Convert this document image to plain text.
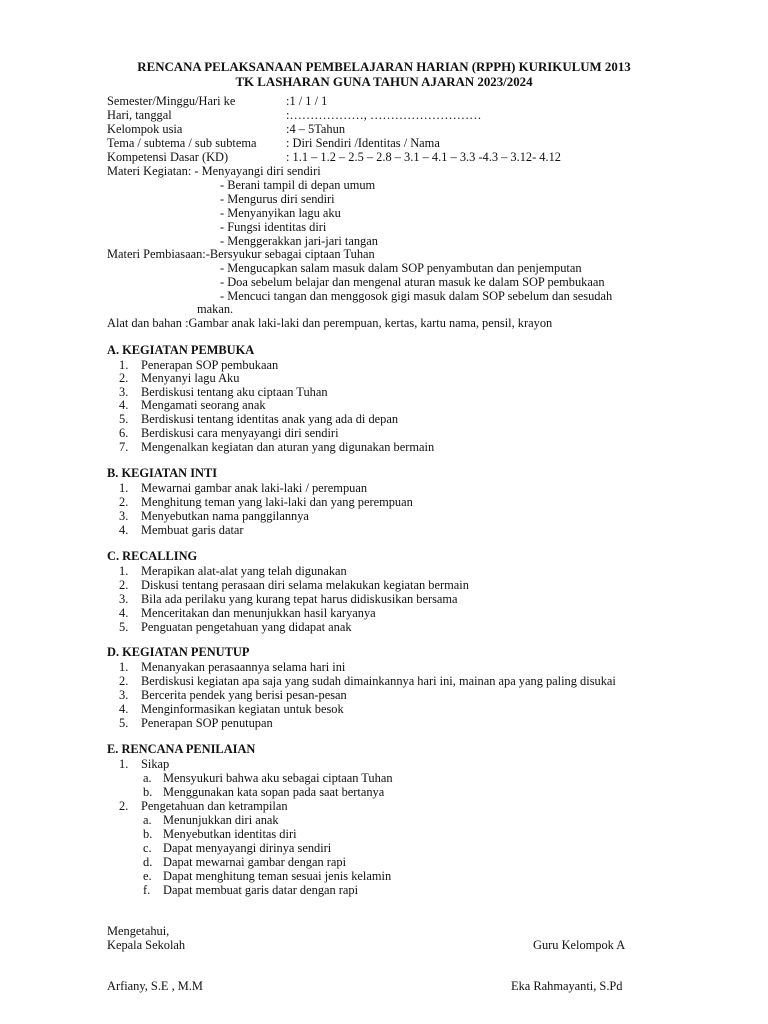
RENCANA PELAKSANAAN PEMBELAJARAN HARIAN (RPPH) KURIKULUM 2013
TK LASHARAN GUNA TAHUN AJARAN 2023/2024
Semester/Minggu/Hari ke	:1 / 1 / 1
Hari, tanggal	:………………, ………………………
Kelompok usia	:4 – 5Tahun
Tema / subtema / sub subtema : Diri Sendiri /Identitas / Nama
Kompetensi Dasar (KD)	: 1.1 – 1.2 – 2.5 – 2.8 – 3.1 – 4.1 – 3.3 -4.3 – 3.12- 4.12
Materi Kegiatan: - Menyayangi diri sendiri
- Berani tampil di depan umum
- Mengurus diri sendiri
- Menyanyikan lagu aku
- Fungsi identitas diri
- Menggerakkan jari-jari tangan
Materi Pembiasaan:-Bersyukur sebagai ciptaan Tuhan
- Mengucapkan salam masuk dalam SOP penyambutan dan penjemputan
- Doa sebelum belajar dan mengenal aturan masuk ke dalam SOP pembukaan
- Mencuci tangan dan menggosok gigi masuk dalam SOP sebelum dan sesudah
makan.
Alat dan bahan :Gambar anak laki-laki dan perempuan, kertas, kartu nama, pensil, krayon
A. KEGIATAN PEMBUKA
1. Penerapan SOP pembukaan
2. Menyanyi lagu Aku
3. Berdiskusi tentang aku ciptaan Tuhan
4. Mengamati seorang anak
5. Berdiskusi tentang identitas anak yang ada di depan
6. Berdiskusi cara menyayangi diri sendiri
7. Mengenalkan kegiatan dan aturan yang digunakan bermain
B. KEGIATAN INTI
1. Mewarnai gambar anak laki-laki / perempuan
2. Menghitung teman yang laki-laki dan yang perempuan
3. Menyebutkan nama panggilannya
4. Membuat garis datar
C. RECALLING
1. Merapikan alat-alat yang telah digunakan
2. Diskusi tentang perasaan diri selama melakukan kegiatan bermain
3. Bila ada perilaku yang kurang tepat harus didiskusikan bersama
4. Menceritakan dan menunjukkan hasil karyanya
5. Penguatan pengetahuan yang didapat anak
D. KEGIATAN PENUTUP
1. Menanyakan perasaannya selama hari ini
2. Berdiskusi kegiatan apa saja yang sudah dimainkannya hari ini, mainan apa yang paling disukai
3. Bercerita pendek yang berisi pesan-pesan
4. Menginformasikan kegiatan untuk besok
5. Penerapan SOP penutupan
E. RENCANA PENILAIAN
1. Sikap
a. Mensyukuri bahwa aku sebagai ciptaan Tuhan
b. Menggunakan kata sopan pada saat bertanya
2. Pengetahuan dan ketrampilan
a. Menunjukkan diri anak
b. Menyebutkan identitas diri
c. Dapat menyayangi dirinya sendiri
d. Dapat mewarnai gambar dengan rapi
e. Dapat menghitung teman sesuai jenis kelamin
f. Dapat membuat garis datar dengan rapi
Mengetahui,
Kepala Sekolah	Guru Kelompok A
Arfiany, S.E , M.M	Eka Rahmayanti, S.Pd
